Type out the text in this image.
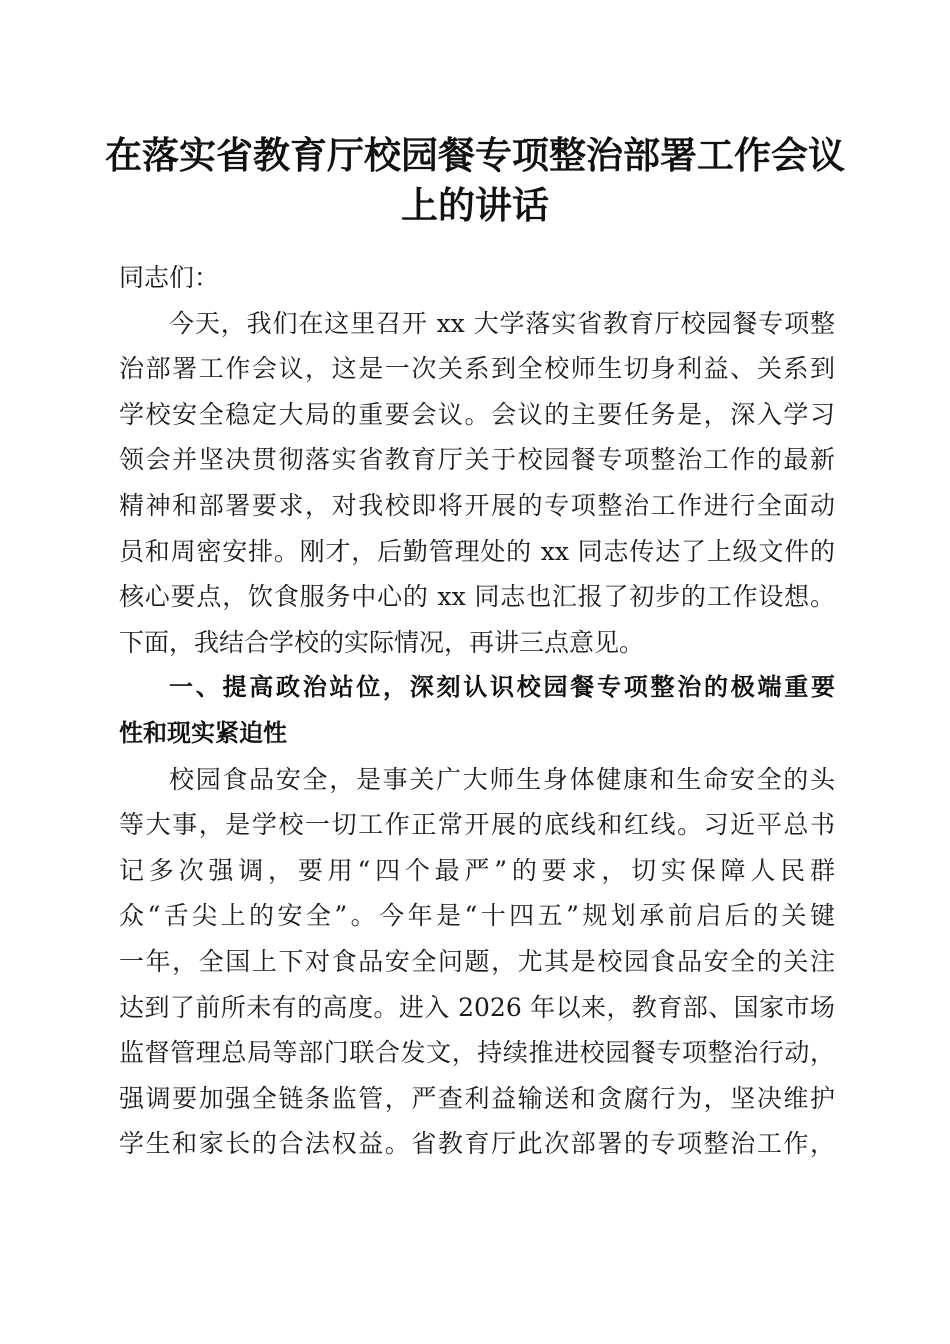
在落实省教育厅校园餐专项整治部署工作会议
上的讲话
同志们：
今天，我们在这里召开 xx 大学落实省教育厅校园餐专项整
治部署工作会议，这是一次关系到全校师生切身利益、关系到
学校安全稳定大局的重要会议。会议的主要任务是，深入学习
领会并坚决贯彻落实省教育厅关于校园餐专项整治工作的最新
精神和部署要求，对我校即将开展的专项整治工作进行全面动
员和周密安排。刚才，后勤管理处的 xx 同志传达了上级文件的
核心要点，饮食服务中心的 xx 同志也汇报了初步的工作设想。
下面，我结合学校的实际情况，再讲三点意见。
一、提高政治站位，深刻认识校园餐专项整治的极端重要
性和现实紧迫性
校园食品安全，是事关广大师生身体健康和生命安全的头
等大事，是学校一切工作正常开展的底线和红线。习近平总书
记多次强调，要用“四个最严”的要求，切实保障人民群
众“舌尖上的安全”。今年是“十四五”规划承前启后的关键
一年，全国上下对食品安全问题，尤其是校园食品安全的关注
达到了前所未有的高度。进入 2026 年以来，教育部、国家市场
监督管理总局等部门联合发文，持续推进校园餐专项整治行动，
强调要加强全链条监管，严查利益输送和贪腐行为，坚决维护
学生和家长的合法权益。省教育厅此次部署的专项整治工作，
